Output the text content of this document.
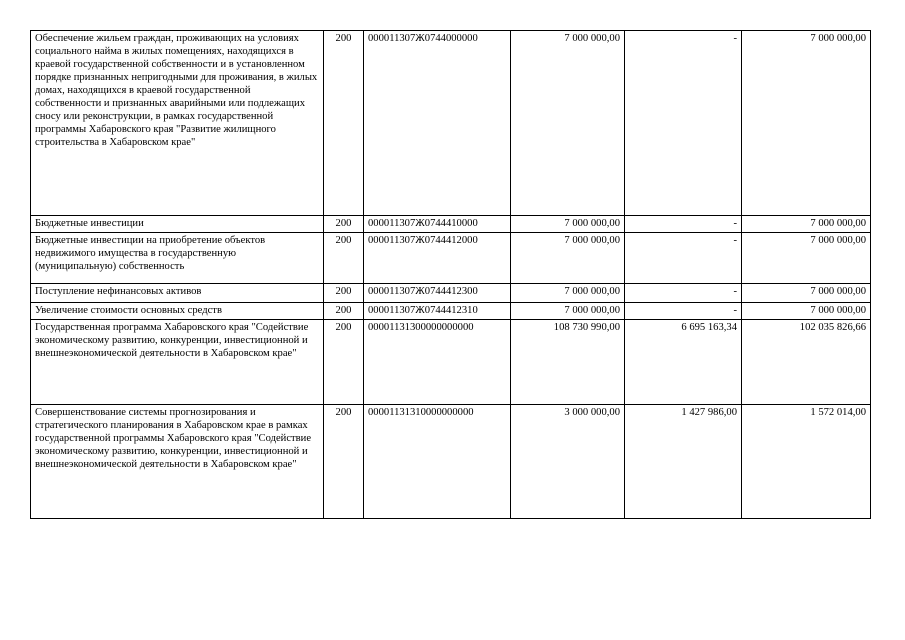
Обеспечение жильем граждан, проживающих на условиях социального найма в жилых помещениях, находящихся в краевой государственной собственности и в установленном порядке признанных непригодными для проживания, в жилых домах, находящихся в краевой государственной собственности и признанных аварийными или подлежащих сносу или реконструкции, в рамках государственной программы Хабаровского края "Развитие жилищного строительства в Хабаровском крае"	200	000011307Ж0744000000	7 000 000,00	-	7 000 000,00
Бюджетные инвестиции	200	000011307Ж0744410000	7 000 000,00	-	7 000 000,00
Бюджетные инвестиции на приобретение объектов недвижимого имущества в государственную (муниципальную) собственность	200	000011307Ж0744412000	7 000 000,00	-	7 000 000,00
Поступление нефинансовых активов	200	000011307Ж0744412300	7 000 000,00	-	7 000 000,00
Увеличение стоимости основных средств	200	000011307Ж0744412310	7 000 000,00	-	7 000 000,00
Государственная программа Хабаровского края "Содействие экономическому развитию, конкуренции, инвестиционной и внешнеэкономической деятельности в Хабаровском крае"	200	00001131300000000000	108 730 990,00	6 695 163,34	102 035 826,66
Совершенствование системы прогнозирования и стратегического планирования в Хабаровском крае в рамках государственной программы Хабаровского края "Содействие экономическому развитию, конкуренции, инвестиционной и внешнеэкономической деятельности в Хабаровском крае"	200	00001131310000000000	3 000 000,00	1 427 986,00	1 572 014,00
